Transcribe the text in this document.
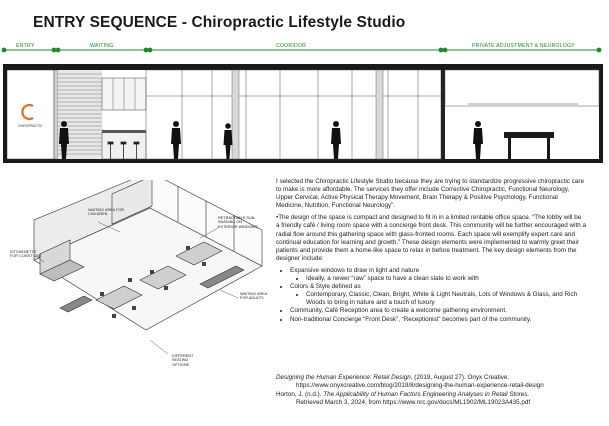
ENTRY SEQUENCE - Chiropractic Lifestyle Studio
ENTRY	WAITING	COORIDOR	PRIVATE ADJUSTMENT & NEUROLOGY
CHIROPRACTIC
WAITING AREA FOR CHILDREN
RETRACTABLE SUN-SHADING ON EXTERIOR WINDOWS
KITCHENETTE FOR CLIENT USE
WAITING AREA FOR ADULTS
DIFFERENT SEATING OPTIONS

I selected the Chiropractic Lifestyle Studio because they are trying to standardize progressive chiropractic care to make is more affordable. The services they offer include Corrective Chiropractic, Functional Neurology, Upper Cervical, Active Physical Therapy Movement, Brain Therapy & Positive Psychology, Functional Medicine, Nutrition, Functional Neurology”.

•The design of the space is compact and designed to fit in in a limited rentable office space. “The lobby will be a friendly café / living room space with a concierge front desk. This community will be further encouraged with a radial flow around this gathering space with glass-fronted rooms. Each space will exemplify expert care and continual education for learning and growth.” These design elements were implemented to warmly greet their patients and provide them a home-like space to relax in before treatment. The key design elements from the designer include:

• Expansive windows to draw in light and nature
• Ideally, a newer “raw” space to have a clean slate to work with
• Colors & Style defined as
• Contemporary, Classic, Clean, Bright, White & Light Neutrals, Lots of Windows & Glass, and Rich Woods to bring in nature and a touch of luxury
• Community, Café Reception area to create a welcome gathering environment.
• Non-traditional Concierge “Front Desk”, “Receptionist” becomes part of the community.
Designing the Human Experience: Retail Design. (2019, August 27). Onyx Creative.
https://www.onyxcreative.com/blog/2019/8/designing-the-human-experience-retail-design
Horton, J. (n.d.). The Applicability of Human Factors Engineering Analyses in Retail Stores.
Retrieved March 3, 2024, from https://www.nrc.gov/docs/ML1902/ML19023A435.pdf
